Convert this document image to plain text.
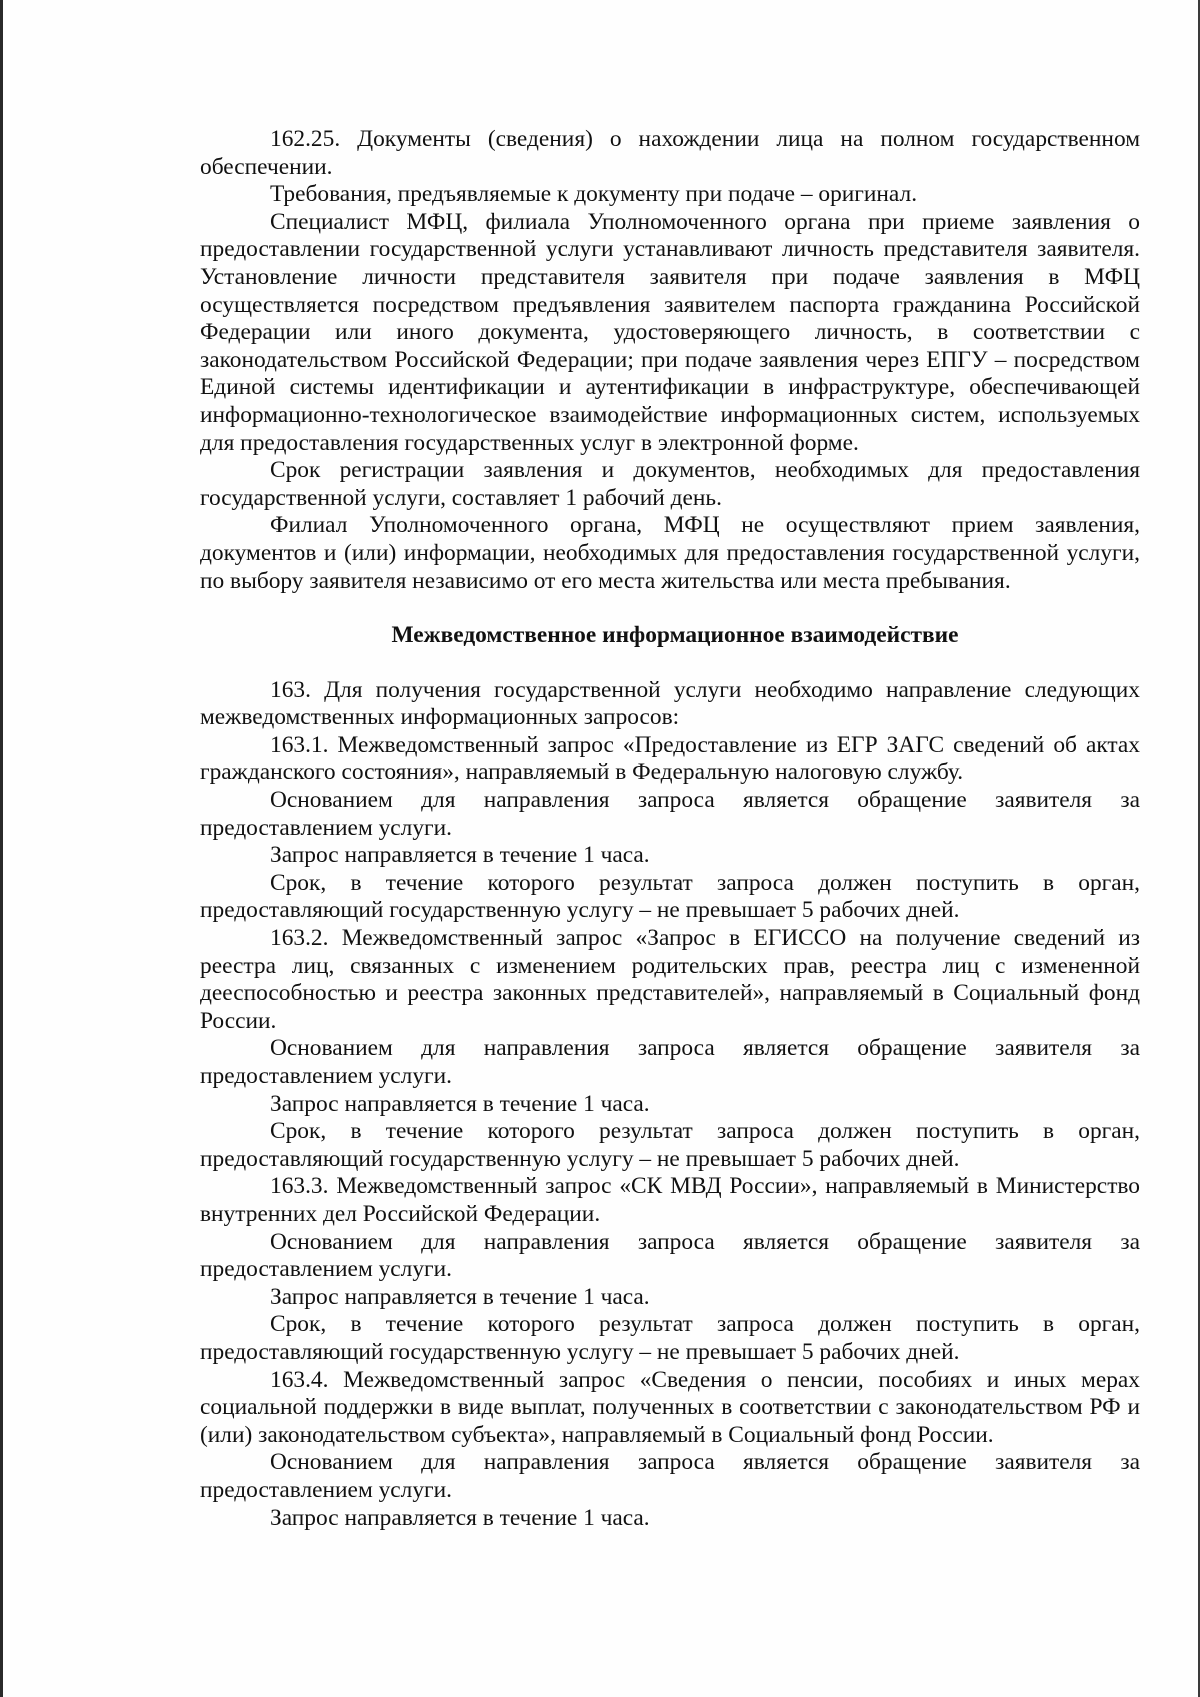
162.25. Документы (сведения) о нахождении лица на полном государственном обеспечении.

Требования, предъявляемые к документу при подаче – оригинал.

Специалист МФЦ, филиала Уполномоченного органа при приеме заявления о предоставлении государственной услуги устанавливают личность представителя заявителя. Установление личности представителя заявителя при подаче заявления в МФЦ осуществляется посредством предъявления заявителем паспорта гражданина Российской Федерации или иного документа, удостоверяющего личность, в соответствии с законодательством Российской Федерации; при подаче заявления через ЕПГУ – посредством Единой системы идентификации и аутентификации в инфраструктуре, обеспечивающей информационно-технологическое взаимодействие информационных систем, используемых для предоставления государственных услуг в электронной форме.

Срок регистрации заявления и документов, необходимых для предоставления государственной услуги, составляет 1 рабочий день.

Филиал Уполномоченного органа, МФЦ не осуществляют прием заявления, документов и (или) информации, необходимых для предоставления государственной услуги, по выбору заявителя независимо от его места жительства или места пребывания.

Межведомственное информационное взаимодействие

163. Для получения государственной услуги необходимо направление следующих межведомственных информационных запросов:

163.1. Межведомственный запрос «Предоставление из ЕГР ЗАГС сведений об актах гражданского состояния», направляемый в Федеральную налоговую службу.

Основанием для направления запроса является обращение заявителя за предоставлением услуги.

Запрос направляется в течение 1 часа.

Срок, в течение которого результат запроса должен поступить в орган, предоставляющий государственную услугу – не превышает 5 рабочих дней.

163.2. Межведомственный запрос «Запрос в ЕГИССО на получение сведений из реестра лиц, связанных с изменением родительских прав, реестра лиц с измененной дееспособностью и реестра законных представителей», направляемый в Социальный фонд России.

Основанием для направления запроса является обращение заявителя за предоставлением услуги.

Запрос направляется в течение 1 часа.

Срок, в течение которого результат запроса должен поступить в орган, предоставляющий государственную услугу – не превышает 5 рабочих дней.

163.3. Межведомственный запрос «СК МВД России», направляемый в Министерство внутренних дел Российской Федерации.

Основанием для направления запроса является обращение заявителя за предоставлением услуги.

Запрос направляется в течение 1 часа.

Срок, в течение которого результат запроса должен поступить в орган, предоставляющий государственную услугу – не превышает 5 рабочих дней.

163.4. Межведомственный запрос «Сведения о пенсии, пособиях и иных мерах социальной поддержки в виде выплат, полученных в соответствии с законодательством РФ и (или) законодательством субъекта», направляемый в Социальный фонд России.

Основанием для направления запроса является обращение заявителя за предоставлением услуги.

Запрос направляется в течение 1 часа.
